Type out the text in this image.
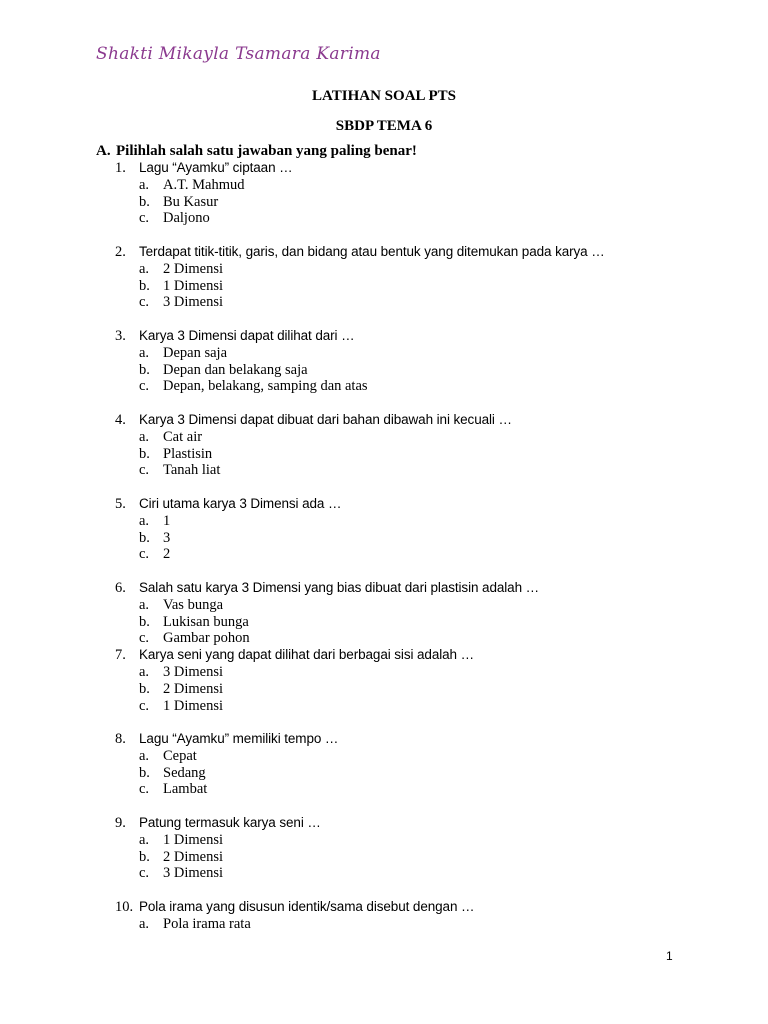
Shakti Mikayla Tsamara Karima
LATIHAN SOAL PTS
SBDP TEMA 6
A. Pilihlah salah satu jawaban yang paling benar!
1. Lagu “Ayamku” ciptaan …
a. A.T. Mahmud
b. Bu Kasur
c. Daljono
2. Terdapat titik-titik, garis, dan bidang atau bentuk yang ditemukan pada karya …
a. 2 Dimensi
b. 1 Dimensi
c. 3 Dimensi
3. Karya 3 Dimensi dapat dilihat dari …
a. Depan saja
b. Depan dan belakang saja
c. Depan, belakang, samping dan atas
4. Karya 3 Dimensi dapat dibuat dari bahan dibawah ini kecuali …
a. Cat air
b. Plastisin
c. Tanah liat
5. Ciri utama karya 3 Dimensi ada …
a. 1
b. 3
c. 2
6. Salah satu karya 3 Dimensi yang bias dibuat dari plastisin adalah …
a. Vas bunga
b. Lukisan bunga
c. Gambar pohon
7. Karya seni yang dapat dilihat dari berbagai sisi adalah …
a. 3 Dimensi
b. 2 Dimensi
c. 1 Dimensi
8. Lagu “Ayamku” memiliki tempo …
a. Cepat
b. Sedang
c. Lambat
9. Patung termasuk karya seni …
a. 1 Dimensi
b. 2 Dimensi
c. 3 Dimensi
10. Pola irama yang disusun identik/sama disebut dengan …
a. Pola irama rata
1
